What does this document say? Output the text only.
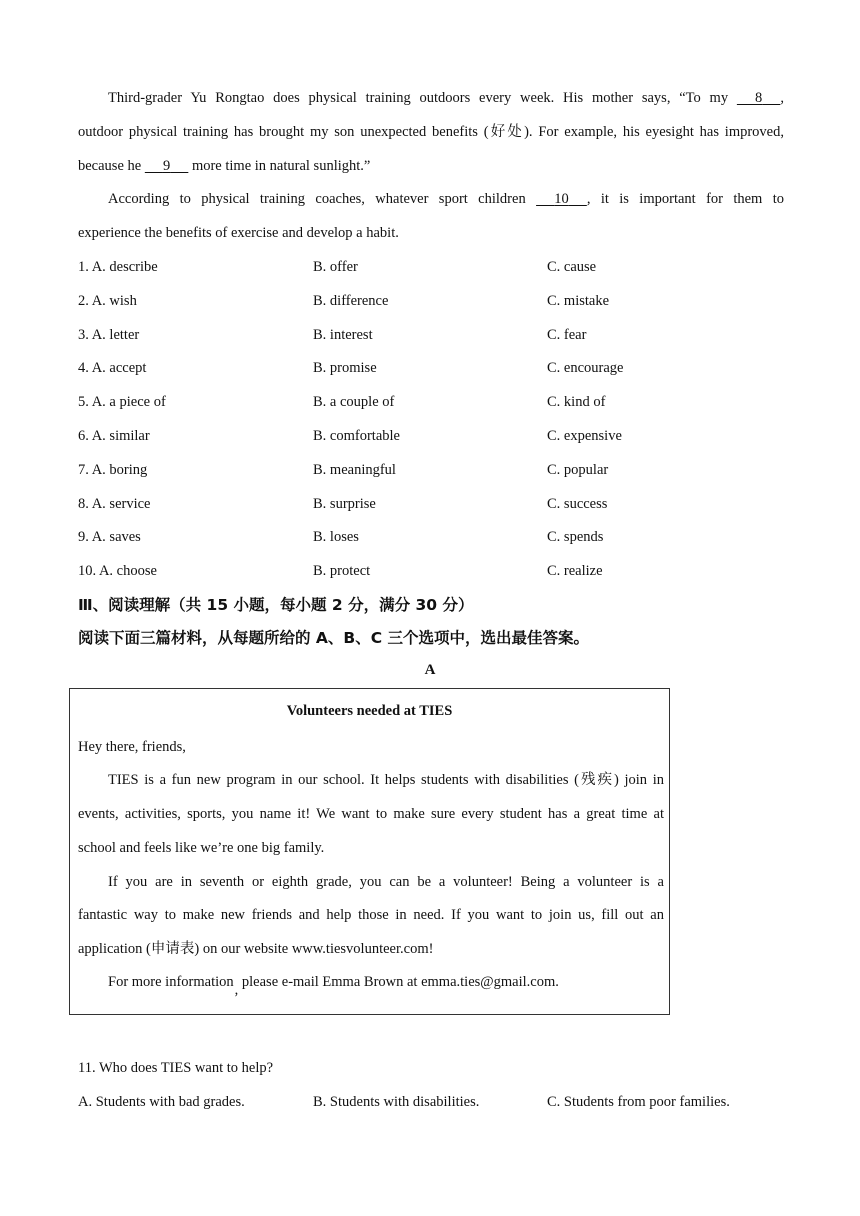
Third-grader Yu Rongtao does physical training outdoors every week. His mother says, “To my      8 ,
outdoor physical training has brought my son unexpected benefits (好处). For example, his eyesight has improved,
because he      9      more time in natural sunlight.”
According to physical training coaches, whatever sport children      10 , it is important for them to
experience the benefits of exercise and develop a habit.
1. A. describe	B. offer	C. cause
2. A. wish	B. difference	C. mistake
3. A. letter	B. interest	C. fear
4. A. accept	B. promise	C. encourage
5. A. a piece of	B. a couple of	C. kind of
6. A. similar	B. comfortable	C. expensive
7. A. boring	B. meaningful	C. popular
8. A. service	B. surprise	C. success
9. A. saves	B. loses	C. spends
10. A. choose	B. protect	C. realize
Ⅲ、阅读理解（共 15 小题，每小题 2 分，满分 30 分）
阅读下面三篇材料，从每题所给的 A、B、C 三个选项中，选出最佳答案。
A
Volunteers needed at TIES
Hey there, friends,
TIES is a fun new program in our school. It helps students with disabilities (残疾) join in
events, activities, sports, you name it! We want to make sure every student has a great time at
school and feels like we’re one big family.
If you are in seventh or eighth grade, you can be a volunteer! Being a volunteer is a
fantastic way to make new friends and help those in need. If you want to join us, fill out an
application (申请表) on our website www.tiesvolunteer.com!
For more information, please e-mail Emma Brown at emma.ties@gmail.com.
11. Who does TIES want to help?
A. Students with bad grades.	B. Students with disabilities.	C. Students from poor families.
